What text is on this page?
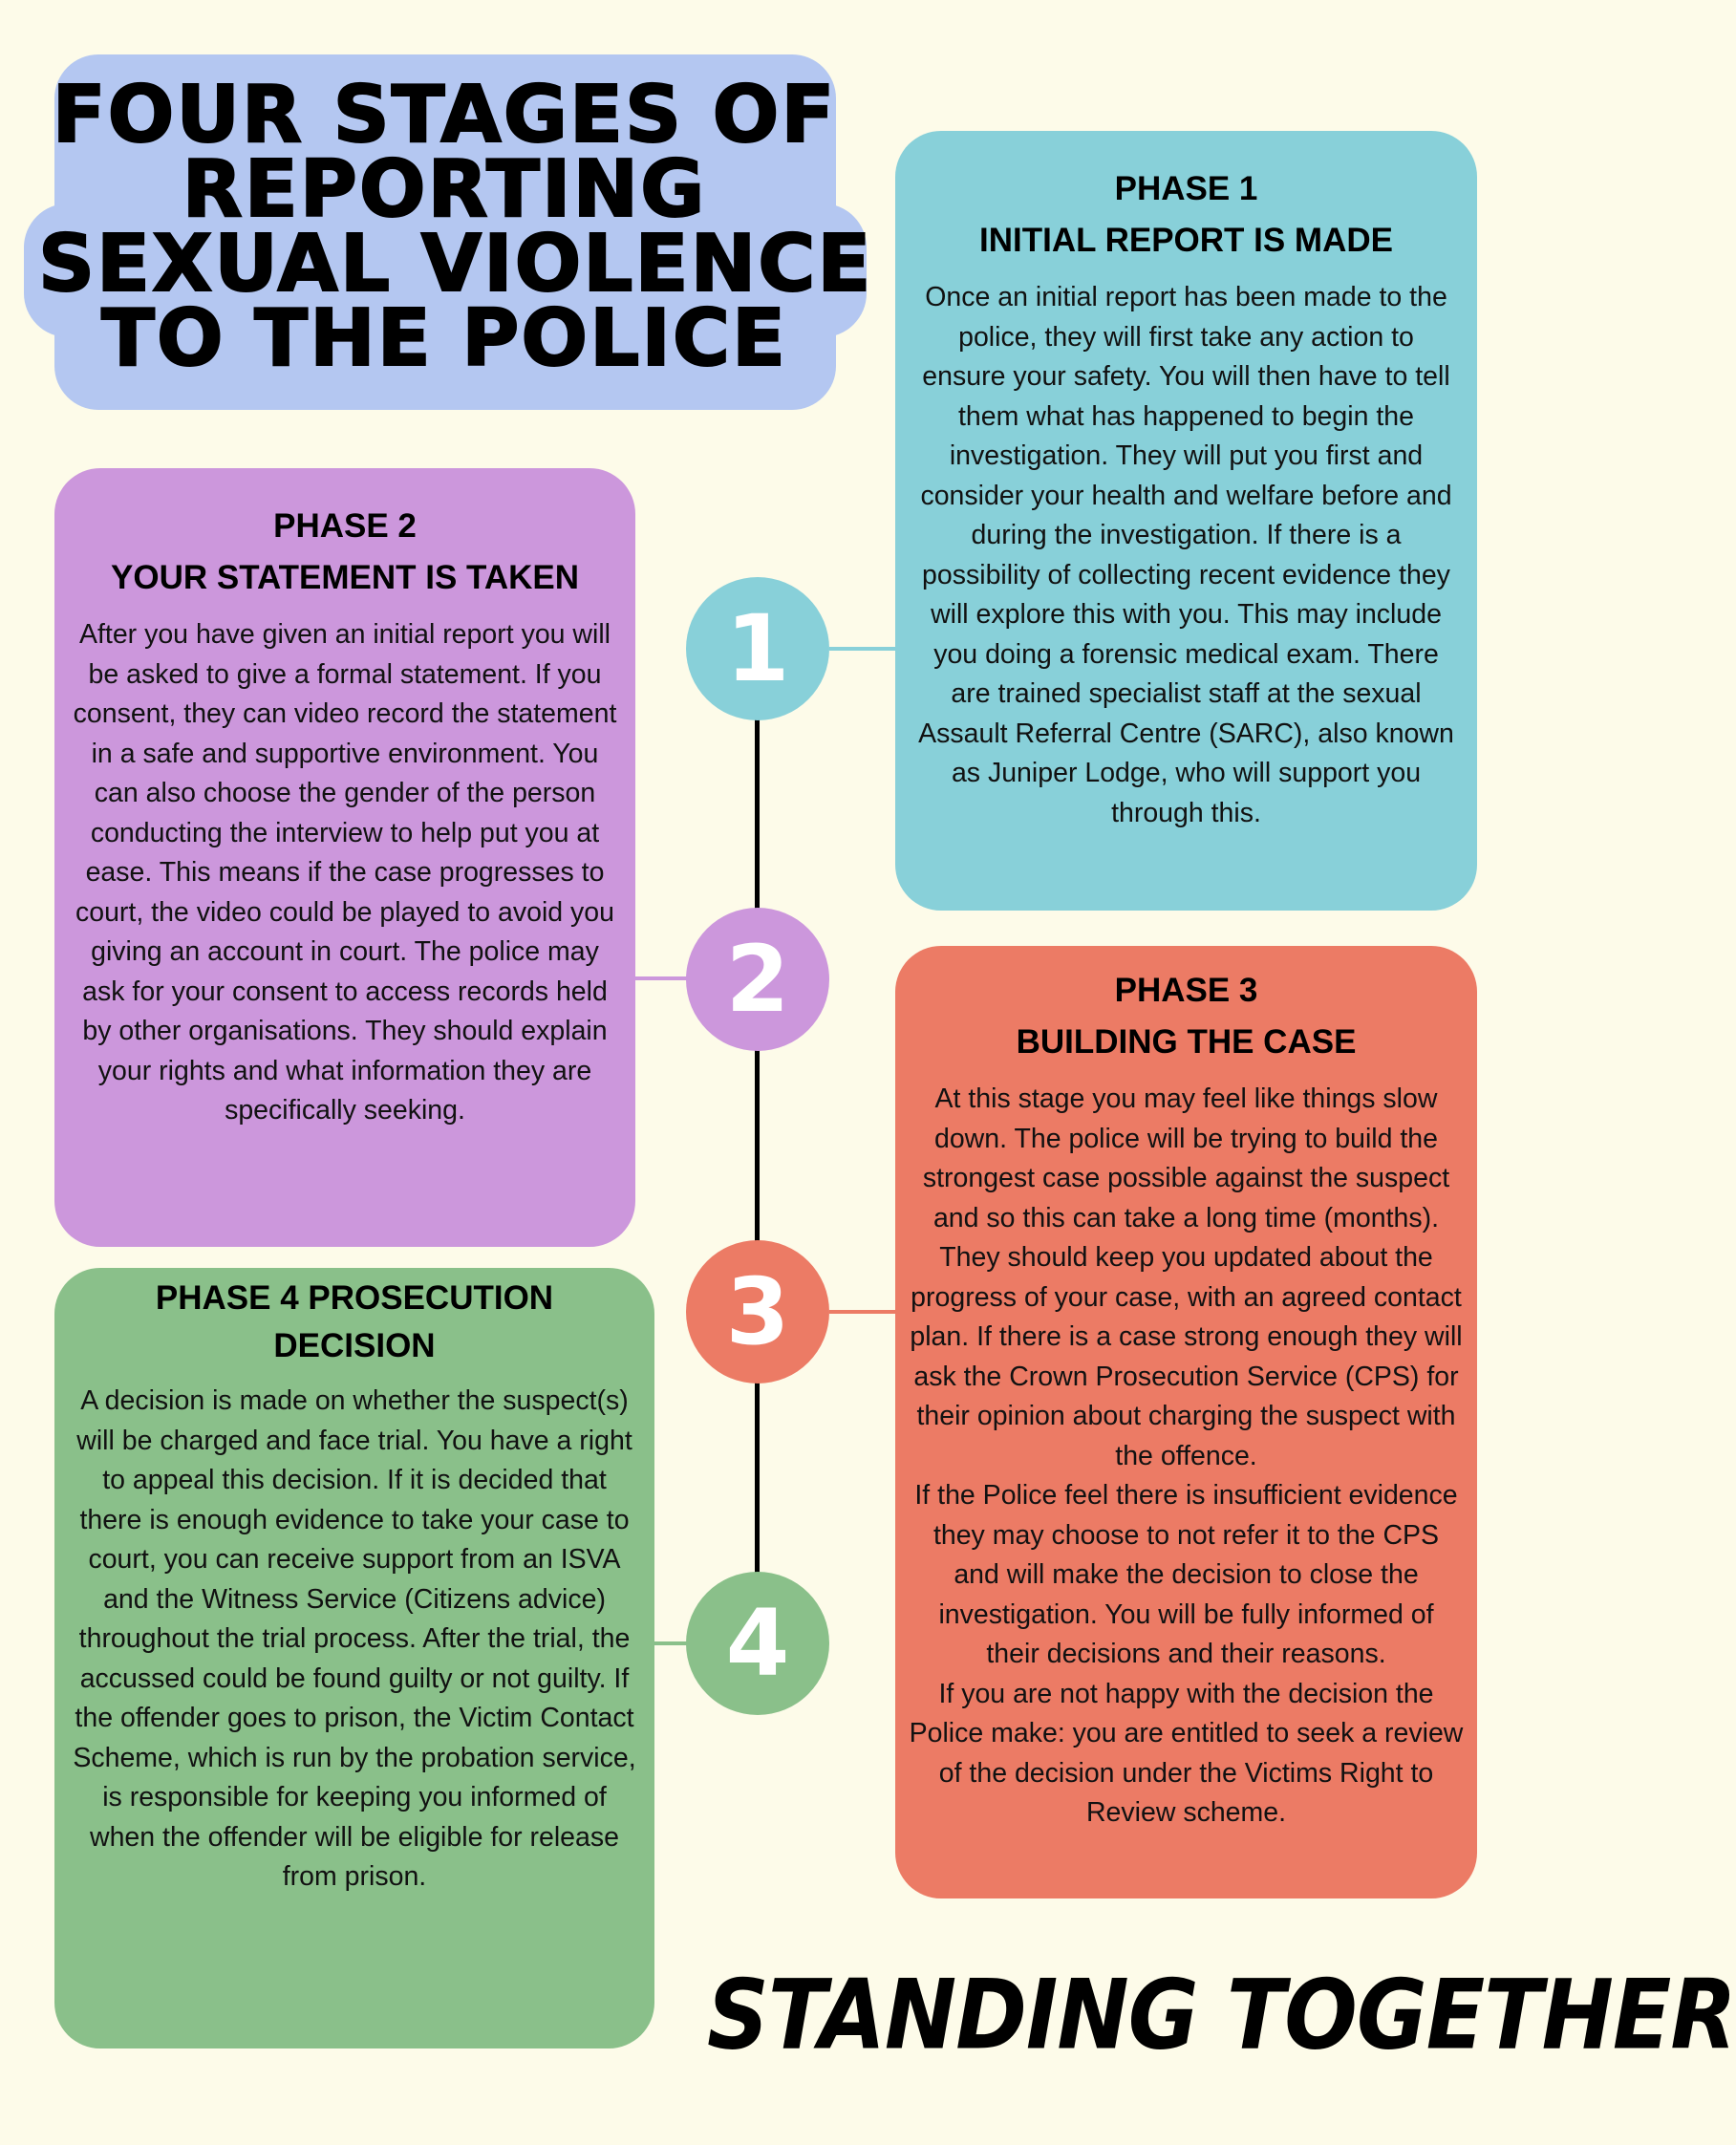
FOUR STAGES OF
REPORTING
SEXUAL VIOLENCE
TO THE POLICE
1
2
3
4
PHASE 1
INITIAL REPORT IS MADE

Once an initial report has been made to the police, they will first take any action to ensure your safety. You will then have to tell them what has happened to begin the investigation. They will put you first and consider your health and welfare before and during the investigation. If there is a possibility of collecting recent evidence they will explore this with you. This may include you doing a forensic medical exam. There are trained specialist staff at the sexual Assault Referral Centre (SARC), also known as Juniper Lodge, who will support you through this.

PHASE 2
YOUR STATEMENT IS TAKEN

After you have given an initial report you will be asked to give a formal statement. If you consent, they can video record the statement in a safe and supportive environment. You can also choose the gender of the person conducting the interview to help put you at ease. This means if the case progresses to court, the video could be played to avoid you giving an account in court. The police may ask for your consent to access records held by other organisations. They should explain your rights and what information they are specifically seeking.

PHASE 3
BUILDING THE CASE

At this stage you may feel like things slow down. The police will be trying to build the strongest case possible against the suspect and so this can take a long time (months). They should keep you updated about the progress of your case, with an agreed contact plan. If there is a case strong enough they will ask the Crown Prosecution Service (CPS) for their opinion about charging the suspect with the offence.

If the Police feel there is insufficient evidence they may choose to not refer it to the CPS and will make the decision to close the investigation. You will be fully informed of their decisions and their reasons.

If you are not happy with the decision the Police make: you are entitled to seek a review of the decision under the Victims Right to Review scheme.

PHASE 4 PROSECUTION
DECISION

A decision is made on whether the suspect(s) will be charged and face trial. You have a right to appeal this decision. If it is decided that there is enough evidence to take your case to court, you can receive support from an ISVA and the Witness Service (Citizens advice) throughout the trial process. After the trial, the accussed could be found guilty or not guilty. If the offender goes to prison, the Victim Contact Scheme, which is run by the probation service, is responsible for keeping you informed of when the offender will be eligible for release from prison.

STANDING TOGETHER
